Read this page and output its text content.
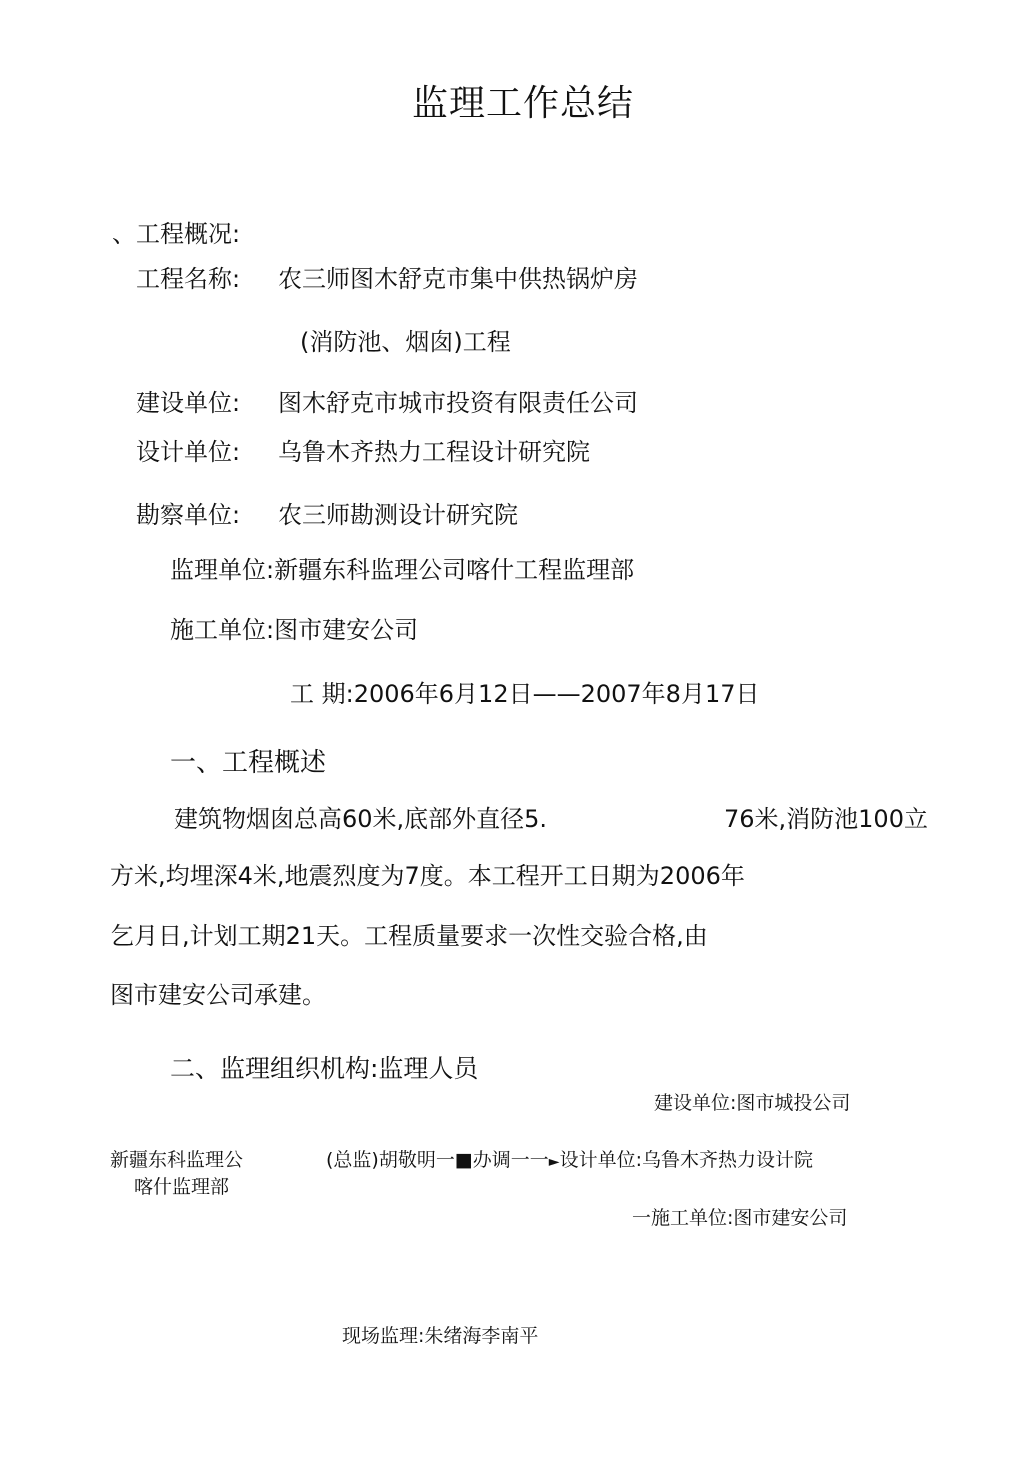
监理工作总结
、工程概况:
工程名称: 农三师图木舒克市集中供热锅炉房
(消防池、烟囱)工程
建设单位: 图木舒克市城市投资有限责任公司
设计单位: 乌鲁木齐热力工程设计研究院
勘察单位: 农三师勘测设计研究院
监理单位:新疆东科监理公司喀什工程监理部
施工单位:图市建安公司
工 期:2006年6月12日——2007年8月17日
一、工程概述
建筑物烟囱总高60米,底部外直径5.	76米,消防池100立
方米,均埋深4米,地震烈度为7度。本工程开工日期为2006年
乞月日,计划工期21天。工程质量要求一次性交验合格,由
图市建安公司承建。
二、监理组织机构:监理人员
建设单位:图市城投公司
新疆东科监理公
喀什监理部
(总监)胡敬明一■办调一一►设计单位:乌鲁木齐热力设计院
一施工单位:图市建安公司
现场监理:朱绪海李南平
